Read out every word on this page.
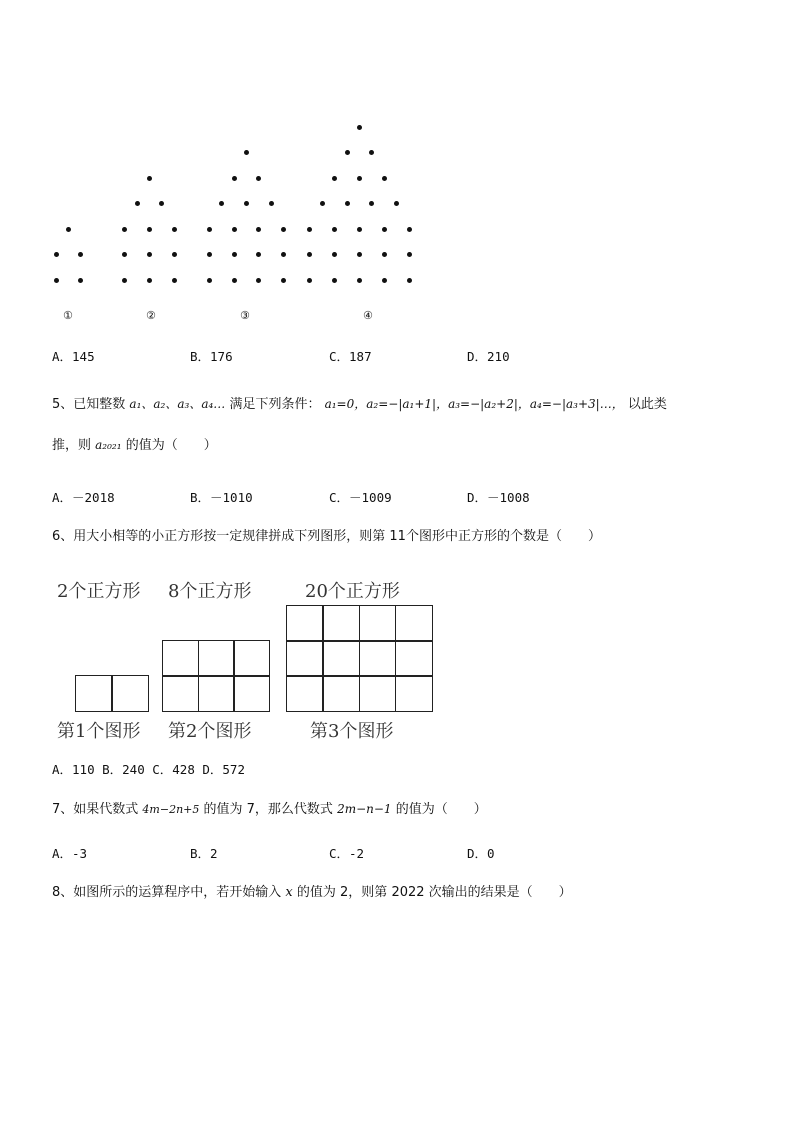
①	②	③	④
A．145	B．176	C．187	D．210
5、已知整数 a₁、a₂、a₃、a₄… 满足下列条件： a₁=0，a₂=−|a₁+1|，a₃=−|a₂+2|，a₄=−|a₃+3|…， 以此类
推，则 a₂₀₂₁ 的值为（　　）
A．－2018	B．－1010	C．－1009	D．－1008
6、用大小相等的小正方形按一定规律拼成下列图形，则第 11个图形中正方形的个数是（　　）
2个正方形 8个正方形	20个正方形
第1个图形 第2个图形	第3个图形
A．110 B．240 C．428 D．572
7、如果代数式 4m−2n+5 的值为 7，那么代数式 2m−n−1 的值为（　　）
A．-3	B．2	C．-2	D．0
8、如图所示的运算程序中，若开始输入 x 的值为 2，则第 2022 次输出的结果是（　　）
